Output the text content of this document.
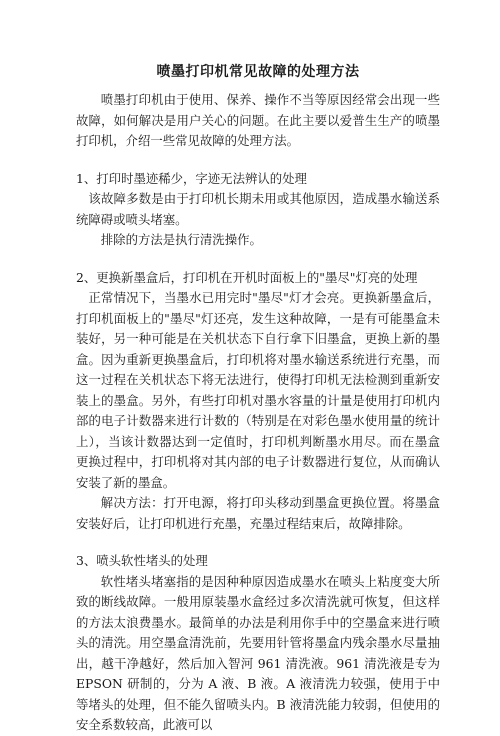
喷墨打印机常见故障的处理方法

喷墨打印机由于使用、保养、操作不当等原因经常会出现一些故障，如何解决是用户关心的问题。在此主要以爱普生生产的喷墨打印机，介绍一些常见故障的处理方法。

1、打印时墨迹稀少，字迹无法辨认的处理

该故障多数是由于打印机长期未用或其他原因，造成墨水输送系统障碍或喷头堵塞。

排除的方法是执行清洗操作。

2、更换新墨盒后，打印机在开机时面板上的"墨尽"灯亮的处理

正常情况下，当墨水已用完时"墨尽"灯才会亮。更换新墨盒后，打印机面板上的"墨尽"灯还亮，发生这种故障，一是有可能墨盒未装好，另一种可能是在关机状态下自行拿下旧墨盒，更换上新的墨盒。因为重新更换墨盒后，打印机将对墨水输送系统进行充墨，而这一过程在关机状态下将无法进行，使得打印机无法检测到重新安装上的墨盒。另外，有些打印机对墨水容量的计量是使用打印机内部的电子计数器来进行计数的（特别是在对彩色墨水使用量的统计上），当该计数器达到一定值时，打印机判断墨水用尽。而在墨盒更换过程中，打印机将对其内部的电子计数器进行复位，从而确认安装了新的墨盒。

解决方法：打开电源，将打印头移动到墨盒更换位置。将墨盒安装好后，让打印机进行充墨，充墨过程结束后，故障排除。

3、喷头软性堵头的处理

软性堵头堵塞指的是因种种原因造成墨水在喷头上粘度变大所致的断线故障。一般用原装墨水盒经过多次清洗就可恢复，但这样的方法太浪费墨水。最简单的办法是利用你手中的空墨盒来进行喷头的清洗。用空墨盒清洗前，先要用针管将墨盒内残余墨水尽量抽出，越干净越好，然后加入智河 961 清洗液。961 清洗液是专为 EPSON 研制的，分为 A 液、B 液。A 液清洗力较强，使用于中等堵头的处理，但不能久留喷头内。B 液清洗能力较弱，但使用的安全系数较高，此液可以
